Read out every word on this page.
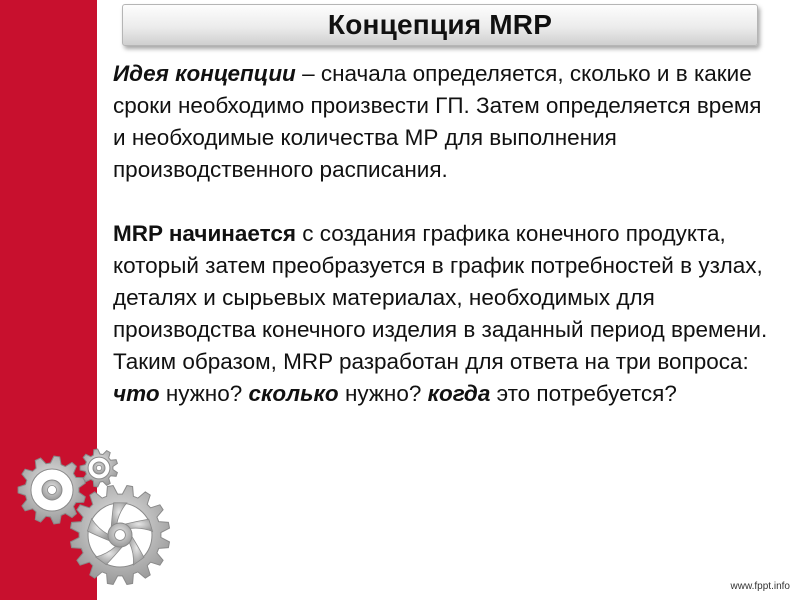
Концепция MRP

Идея концепции – сначала определяется, сколько и в какие сроки необходимо произвести ГП. Затем определяется время и необходимые количества МР для выполнения производственного расписания.

MRP начинается с создания графика конечного продукта, который затем преобразуется в график потребностей в узлах, деталях и сырьевых материалах, необходимых для производства конечного изделия в заданный период времени. Таким образом, MRP разработан для ответа на три вопроса: что нужно? сколько нужно? когда это потребуется?

www.fppt.info
